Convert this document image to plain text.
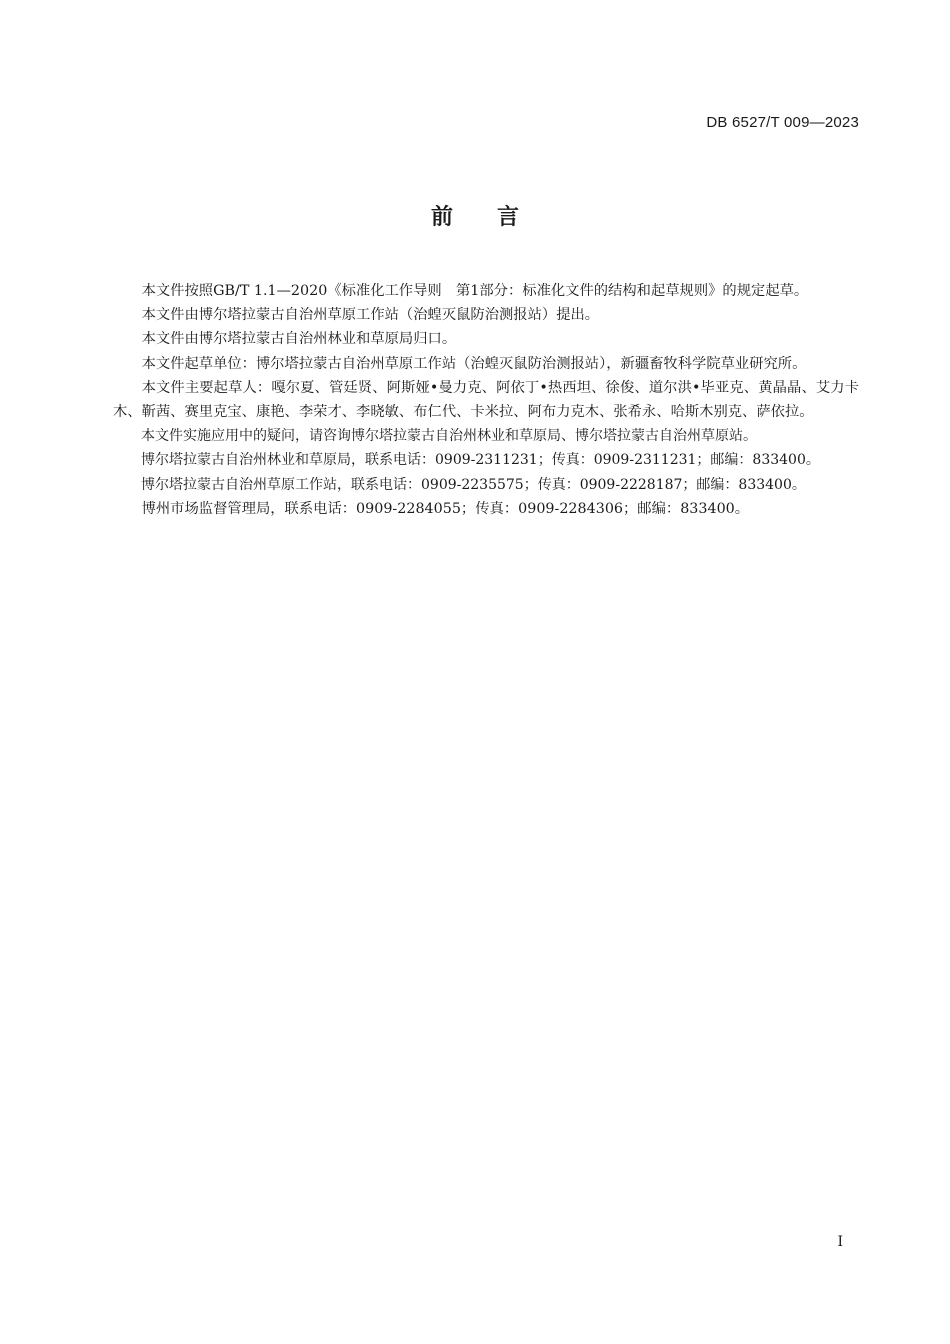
DB 6527/T 009—2023
前言

本文件按照GB/T 1.1—2020《标准化工作导则　第1部分：标准化文件的结构和起草规则》的规定起草。

本文件由博尔塔拉蒙古自治州草原工作站（治蝗灭鼠防治测报站）提出。

本文件由博尔塔拉蒙古自治州林业和草原局归口。

本文件起草单位：博尔塔拉蒙古自治州草原工作站（治蝗灭鼠防治测报站），新疆畜牧科学院草业研究所。

本文件主要起草人：嘎尔夏、管廷贤、阿斯娅•曼力克、阿依丁•热西坦、徐俊、道尔洪•毕亚克、黄晶晶、艾力卡木、靳茜、赛里克宝、康艳、李荣才、李晓敏、布仁代、卡米拉、阿布力克木、张希永、哈斯木别克、萨依拉。

本文件实施应用中的疑问，请咨询博尔塔拉蒙古自治州林业和草原局、博尔塔拉蒙古自治州草原站。

博尔塔拉蒙古自治州林业和草原局，联系电话：0909-2311231；传真：0909-2311231；邮编：833400。

博尔塔拉蒙古自治州草原工作站，联系电话：0909-2235575；传真：0909-2228187；邮编：833400。

博州市场监督管理局，联系电话：0909-2284055；传真：0909-2284306；邮编：833400。

I
